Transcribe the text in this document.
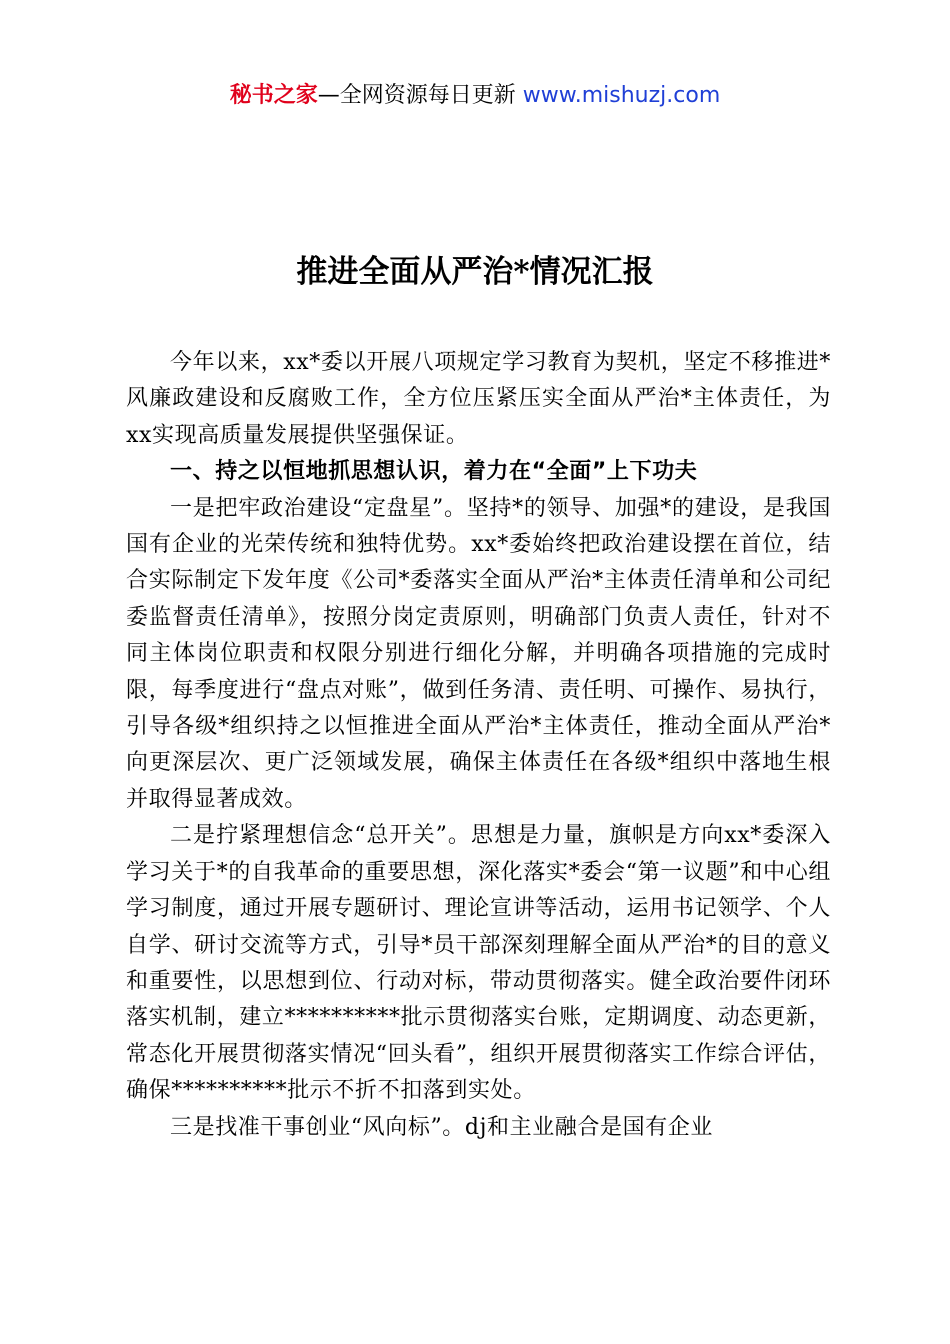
秘书之家—全网资源每日更新 www.mishuzj.com
推进全面从严治*情况汇报

今年以来，xx*委以开展八项规定学习教育为契机，坚定不移推进*风廉政建设和反腐败工作，全方位压紧压实全面从严治*主体责任，为xx实现高质量发展提供坚强保证。

一、持之以恒地抓思想认识，着力在“全面”上下功夫

一是把牢政治建设“定盘星”。坚持*的领导、加强*的建设，是我国国有企业的光荣传统和独特优势。xx*委始终把政治建设摆在首位，结合实际制定下发年度《公司*委落实全面从严治*主体责任清单和公司纪委监督责任清单》，按照分岗定责原则，明确部门负责人责任，针对不同主体岗位职责和权限分别进行细化分解，并明确各项措施的完成时限，每季度进行“盘点对账”，做到任务清、责任明、可操作、易执行，引导各级*组织持之以恒推进全面从严治*主体责任，推动全面从严治*向更深层次、更广泛领域发展，确保主体责任在各级*组织中落地生根并取得显著成效。

二是拧紧理想信念“总开关”。思想是力量，旗帜是方向xx*委深入学习关于*的自我革命的重要思想，深化落实*委会“第一议题”和中心组学习制度，通过开展专题研讨、理论宣讲等活动，运用书记领学、个人自学、研讨交流等方式，引导*员干部深刻理解全面从严治*的目的意义和重要性，以思想到位、行动对标，带动贯彻落实。健全政治要件闭环落实机制，建立**********批示贯彻落实台账，定期调度、动态更新，常态化开展贯彻落实情况“回头看”，组织开展贯彻落实工作综合评估，确保**********批示不折不扣落到实处。

三是找准干事创业“风向标”。dj和主业融合是国有企业
